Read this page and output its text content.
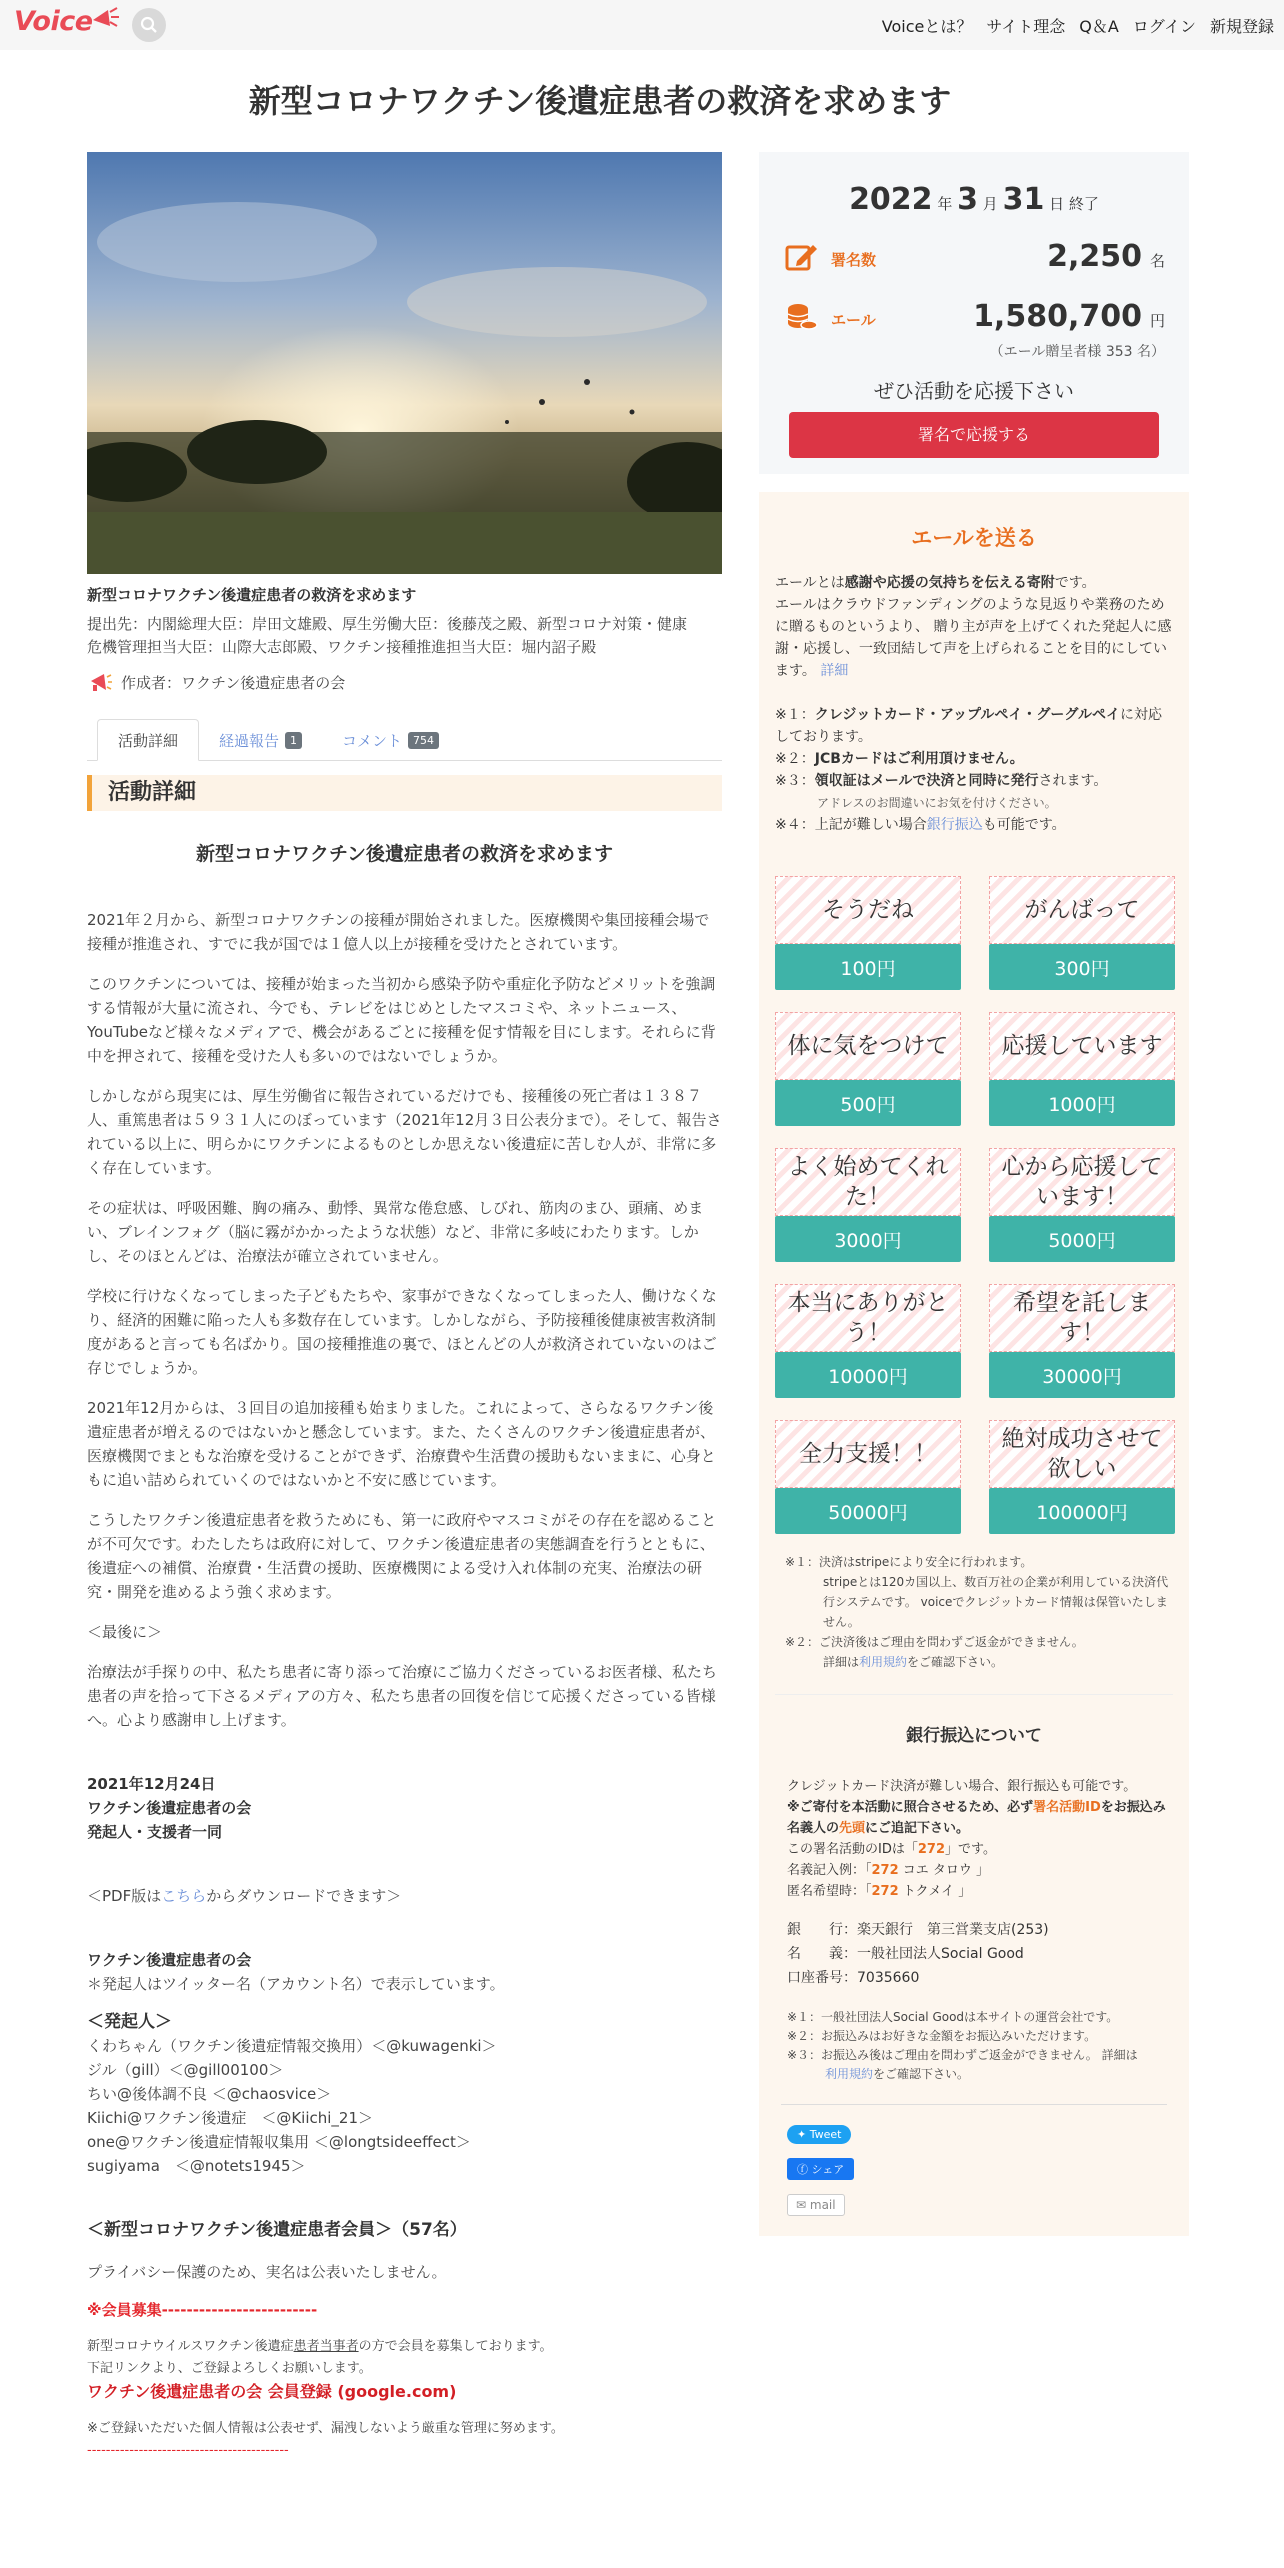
Voice	Voiceとは？ サイト理念 Q＆A ログイン 新規登録
新型コロナワクチン後遺症患者の救済を求めます
新型コロナワクチン後遺症患者の救済を求めます
提出先：内閣総理大臣：岸田文雄殿、厚生労働大臣：後藤茂之殿、新型コロナ対策・健康危機管理担当大臣：山際大志郎殿、ワクチン接種推進担当大臣：堀内詔子殿
作成者：ワクチン後遺症患者の会
活動詳細	経過報告	1	コメント	754
活動詳細
新型コロナワクチン後遺症患者の救済を求めます

2021年２月から、新型コロナワクチンの接種が開始されました。医療機関や集団接種会場で接種が推進され、すでに我が国では１億人以上が接種を受けたとされています。

このワクチンについては、接種が始まった当初から感染予防や重症化予防などメリットを強調する情報が大量に流され、今でも、テレビをはじめとしたマスコミや、ネットニュース、YouTubeなど様々なメディアで、機会があるごとに接種を促す情報を目にします。それらに背中を押されて、接種を受けた人も多いのではないでしょうか。

しかしながら現実には、厚生労働省に報告されているだけでも、接種後の死亡者は１３８７人、重篤患者は５９３１人にのぼっています（2021年12月３日公表分まで）。そして、報告されている以上に、明らかにワクチンによるものとしか思えない後遺症に苦しむ人が、非常に多く存在しています。

その症状は、呼吸困難、胸の痛み、動悸、異常な倦怠感、しびれ、筋肉のまひ、頭痛、めまい、ブレインフォグ（脳に霧がかかったような状態）など、非常に多岐にわたります。しかし、そのほとんどは、治療法が確立されていません。

学校に行けなくなってしまった子どもたちや、家事ができなくなってしまった人、働けなくなり、経済的困難に陥った人も多数存在しています。しかしながら、予防接種後健康被害救済制度があると言っても名ばかり。国の接種推進の裏で、ほとんどの人が救済されていないのはご存じでしょうか。

2021年12月からは、３回目の追加接種も始まりました。これによって、さらなるワクチン後遺症患者が増えるのではないかと懸念しています。また、たくさんのワクチン後遺症患者が、医療機関でまともな治療を受けることができず、治療費や生活費の援助もないままに、心身ともに追い詰められていくのではないかと不安に感じています。

こうしたワクチン後遺症患者を救うためにも、第一に政府やマスコミがその存在を認めることが不可欠です。わたしたちは政府に対して、ワクチン後遺症患者の実態調査を行うとともに、後遺症への補償、治療費・生活費の援助、医療機関による受け入れ体制の充実、治療法の研究・開発を進めるよう強く求めます。

＜最後に＞

治療法が手探りの中、私たち患者に寄り添って治療にご協力くださっているお医者様、私たち患者の声を拾って下さるメディアの方々、私たち患者の回復を信じて応援くださっている皆様へ。心より感謝申し上げます。

2021年12月24日
ワクチン後遺症患者の会
発起人・支援者一同
＜PDF版はこちらからダウンロードできます＞
ワクチン後遺症患者の会
＊発起人はツイッター名（アカウント名）で表示しています。
＜発起人＞
くわちゃん（ワクチン後遺症情報交換用）＜@kuwagenki＞
ジル（gill）＜@gill00100＞
ちい@後体調不良 ＜@chaosvice＞
Kiichi@ワクチン後遺症　＜@Kiichi_21＞
one@ワクチン後遺症情報収集用 ＜@longtsideeffect＞
sugiyama　＜@notets1945＞
＜新型コロナワクチン後遺症患者会員＞（57名）
プライバシー保護のため、実名は公表いたしません。
※会員募集-------------------------
新型コロナウイルスワクチン後遺症患者当事者の方で会員を募集しております。
下記リンクより、ご登録よろしくお願いします。
ワクチン後遺症患者の会 会員登録 (google.com)
※ご登録いただいた個人情報は公表せず、漏洩しないよう厳重な管理に努めます。
-------------------------------------------
2022 年 3 月 31 日 終了
署名数	2,250 名
エール	1,580,700 円
（エール贈呈者様 353 名）
ぜひ活動を応援下さい
署名で応援する
エールを送る
エールとは感謝や応援の気持ちを伝える寄附です。
エールはクラウドファンディングのような見返りや業務のために贈るものというより、 贈り主が声を上げてくれた発起人に感謝・応援し、一致団結して声を上げられることを目的にしています。 詳細
※１：クレジットカード・アップルペイ・グーグルペイに対応しております。
※２：JCBカードはご利用頂けません。
※３：領収証はメールで決済と同時に発行されます。
アドレスのお間違いにお気を付けください。
※４：上記が難しい場合銀行振込も可能です。
そうだね
100円
がんばって
300円
体に気をつけて
500円
応援しています
1000円
よく始めてくれた！
3000円
心から応援しています！
5000円
本当にありがとう！
10000円
希望を託します！
30000円
全力支援！！
50000円
絶対成功させて欲しい
100000円
※１：決済はstripeにより安全に行われます。
stripeとは120カ国以上、数百万社の企業が利用している決済代行システムです。 voiceでクレジットカード情報は保管いたしません。
※２：ご決済後はご理由を問わずご返金ができません。
詳細は利用規約をご確認下さい。
銀行振込について
クレジットカード決済が難しい場合、銀行振込も可能です。
※ご寄付を本活動に照合させるため、必ず署名活動IDをお振込み名義人の先頭にご追記下さい。
この署名活動のIDは「272」です。
名義記入例：「272 コエ タロウ 」
匿名希望時：「272 トクメイ 」
銀　　行：楽天銀行　第三営業支店(253)
名　　義：一般社団法人Social Good
口座番号：7035660
※１：一般社団法人Social Goodは本サイトの運営会社です。
※２：お振込みはお好きな金額をお振込みいただけます。
※３：お振込み後はご理由を問わずご返金ができません。 詳細は
利用規約をご確認下さい。
✦ Tweet
ⓕ シェア
✉ mail
